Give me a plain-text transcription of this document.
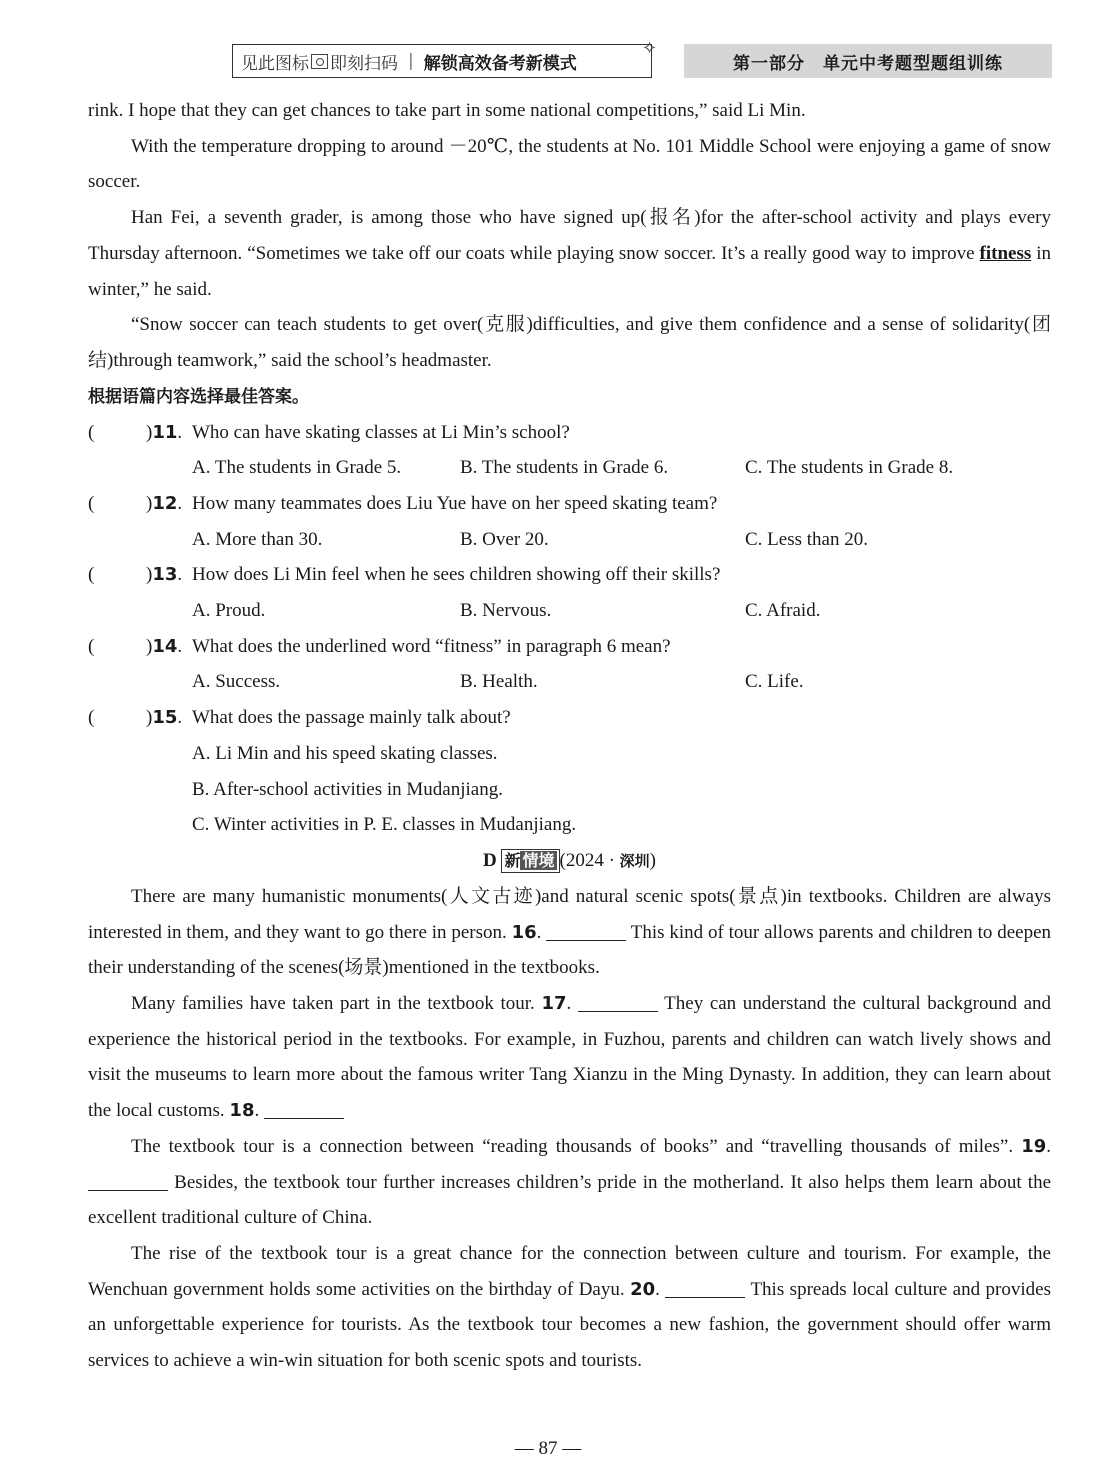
见此图标 即刻扫码 | 解锁高效备考新模式
✧
第一部分　单元中考题型题组训练

rink. I hope that they can get chances to take part in some national competitions,” said Li Min.

With the temperature dropping to around －20℃, the students at No. 101 Middle School were enjoying a game of snow soccer.

Han Fei, a seventh grader, is among those who have signed up(报名)for the after-school activity and plays every Thursday afternoon. “Sometimes we take off our coats while playing snow soccer. It’s a really good way to improve fitness in winter,” he said.

“Snow soccer can teach students to get over(克服)difficulties, and give them confidence and a sense of solidarity(团结)through teamwork,” said the school’s headmaster.

根据语篇内容选择最佳答案。
(	)11. Who can have skating classes at Li Min’s school?
A. The students in Grade 5.	B. The students in Grade 6.	C. The students in Grade 8.
(	)12. How many teammates does Liu Yue have on her speed skating team?
A. More than 30.	B. Over 20.	C. Less than 20.
(	)13. How does Li Min feel when he sees children showing off their skills?
A. Proud.	B. Nervous.	C. Afraid.
(	)14. What does the underlined word “fitness” in paragraph 6 mean?
A. Success.	B. Health.	C. Life.
(	)15. What does the passage mainly talk about?
A. Li Min and his speed skating classes.
B. After-school activities in Mudanjiang.
C. Winter activities in P. E. classes in Mudanjiang.
D 新 情境 (2024 · 深圳)

There are many humanistic monuments(人文古迹)and natural scenic spots(景点)in textbooks. Children are always interested in them, and they want to go there in person. 16.	This kind of tour allows parents and children to deepen their understanding of the scenes(场景)mentioned in the textbooks.

Many families have taken part in the textbook tour. 17.	They can understand the cultural background and experience the historical period in the textbooks. For example, in Fuzhou, parents and children can watch lively shows and visit the museums to learn more about the famous writer Tang Xianzu in the Ming Dynasty. In addition, they can learn about the local customs. 18.

The textbook tour is a connection between “reading thousands of books” and “travelling thousands of miles”. 19.  Besides, the textbook tour further increases children’s pride in the motherland. It also helps them learn about the excellent traditional culture of China.

The rise of the textbook tour is a great chance for the connection between culture and tourism. For example, the Wenchuan government holds some activities on the birthday of Dayu. 20.	This spreads local culture and provides an unforgettable experience for tourists. As the textbook tour becomes a new fashion, the government should offer warm services to achieve a win-win situation for both scenic spots and tourists.

— 87 —
